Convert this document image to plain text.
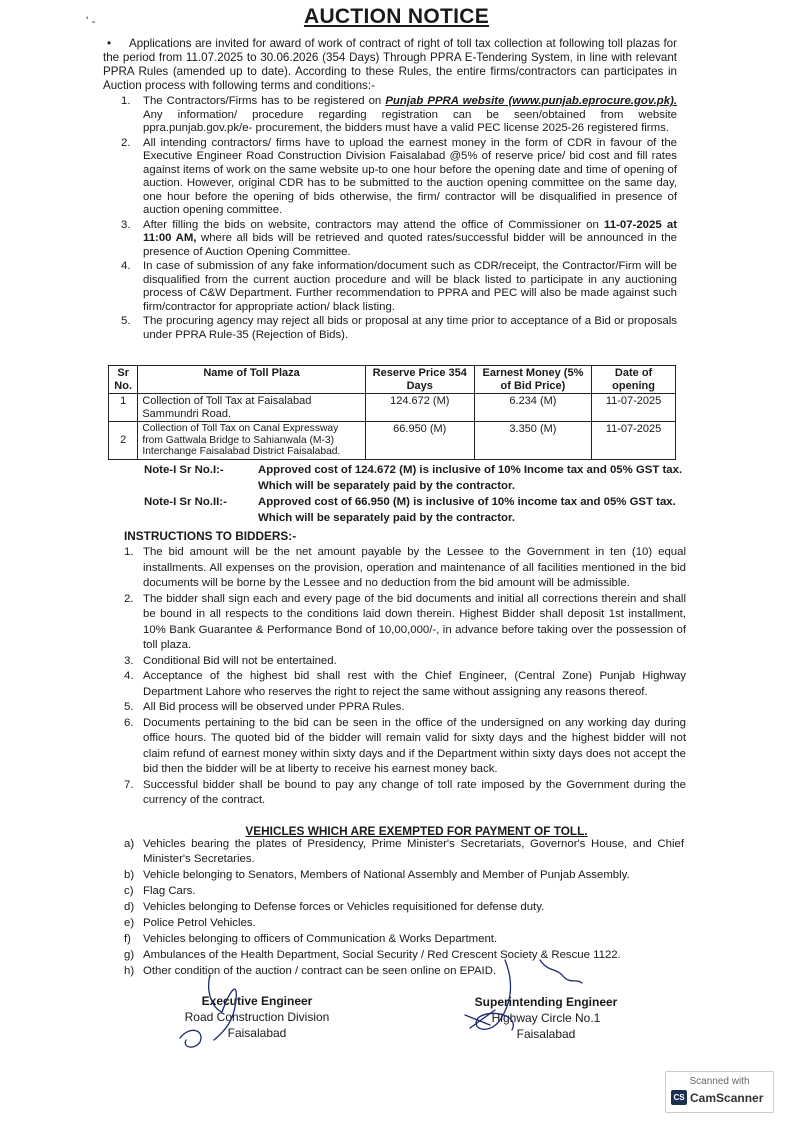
' -	AUCTION NOTICE
• Applications are invited for award of work of contract of right of toll tax collection at following toll plazas for the period from 11.07.2025 to 30.06.2026 (354 Days) Through PPRA E-Tendering System, in line with relevant PPRA Rules (amended up to date). According to these Rules, the entire firms/contractors can participates in Auction process with following terms and conditions:-
1.	The Contractors/Firms has to be registered on Punjab PPRA website (www.punjab.eprocure.gov.pk). Any information/ procedure regarding registration can be seen/obtained from website ppra.punjab.gov.pk/e- procurement, the bidders must have a valid PEC license 2025-26 registered firms.
2.	All intending contractors/ firms have to upload the earnest money in the form of CDR in favour of the Executive Engineer Road Construction Division Faisalabad @5% of reserve price/ bid cost and fill rates against items of work on the same website up-to one hour before the opening date and time of opening of auction. However, original CDR has to be submitted to the auction opening committee on the same day, one hour before the opening of bids otherwise, the firm/ contractor will be disqualified in presence of auction opening committee.
3.	After filling the bids on website, contractors may attend the office of Commissioner on 11-07-2025 at 11:00 AM, where all bids will be retrieved and quoted rates/successful bidder will be announced in the presence of Auction Opening Committee.
4.	In case of submission of any fake information/document such as CDR/receipt, the Contractor/Firm will be disqualified from the current auction procedure and will be black listed to participate in any auctioning process of C&W Department. Further recommendation to PPRA and PEC will also be made against such firm/contractor for appropriate action/ black listing.
5.	The procuring agency may reject all bids or proposal at any time prior to acceptance of a Bid or proposals under PPRA Rule-35 (Rejection of Bids).
Sr No.	Name of Toll Plaza	Reserve Price 354 Days	Earnest Money (5% of Bid Price)	Date of opening
1	Collection of Toll Tax at Faisalabad Sammundri Road.	124.672 (M)	6.234 (M)	11-07-2025
2	Collection of Toll Tax on Canal Expressway from Gattwala Bridge to Sahianwala (M-3) Interchange Faisalabad District Faisalabad.	66.950 (M)	3.350 (M)	11-07-2025
Note-I Sr No.I:-	Approved cost of 124.672 (M) is inclusive of 10% Income tax and 05% GST tax. Which will be separately paid by the contractor.
Note-I Sr No.II:-	Approved cost of 66.950 (M) is inclusive of 10% income tax and 05% GST tax. Which will be separately paid by the contractor.
INSTRUCTIONS TO BIDDERS:-
1. The bid amount will be the net amount payable by the Lessee to the Government in ten (10) equal installments. All expenses on the provision, operation and maintenance of all facilities mentioned in the bid documents will be borne by the Lessee and no deduction from the bid amount will be admissible.
2. The bidder shall sign each and every page of the bid documents and initial all corrections therein and shall be bound in all respects to the conditions laid down therein. Highest Bidder shall deposit 1st installment, 10% Bank Guarantee & Performance Bond of 10,00,000/-, in advance before taking over the possession of toll plaza.
3. Conditional Bid will not be entertained.
4. Acceptance of the highest bid shall rest with the Chief Engineer, (Central Zone) Punjab Highway Department Lahore who reserves the right to reject the same without assigning any reasons thereof.
5. All Bid process will be observed under PPRA Rules.
6. Documents pertaining to the bid can be seen in the office of the undersigned on any working day during office hours. The quoted bid of the bidder will remain valid for sixty days and the highest bidder will not claim refund of earnest money within sixty days and if the Department within sixty days does not accept the bid then the bidder will be at liberty to receive his earnest money back.
7. Successful bidder shall be bound to pay any change of toll rate imposed by the Government during the currency of the contract.
VEHICLES WHICH ARE EXEMPTED FOR PAYMENT OF TOLL.
a) Vehicles bearing the plates of Presidency, Prime Minister's Secretariats, Governor's House, and Chief Minister's Secretaries.
b) Vehicle belonging to Senators, Members of National Assembly and Member of Punjab Assembly.
c) Flag Cars.
d) Vehicles belonging to Defense forces or Vehicles requisitioned for defense duty.
e) Police Petrol Vehicles.
f)	Vehicles belonging to officers of Communication & Works Department.
g) Ambulances of the Health Department, Social Security / Red Crescent Society & Rescue 1122.
h) Other condition of the auction / contract can be seen online on EPAID.
Executive Engineer
Road Construction Division
Faisalabad
Superintending Engineer
Highway Circle No.1
Faisalabad
Scanned with
CS CamScanner
